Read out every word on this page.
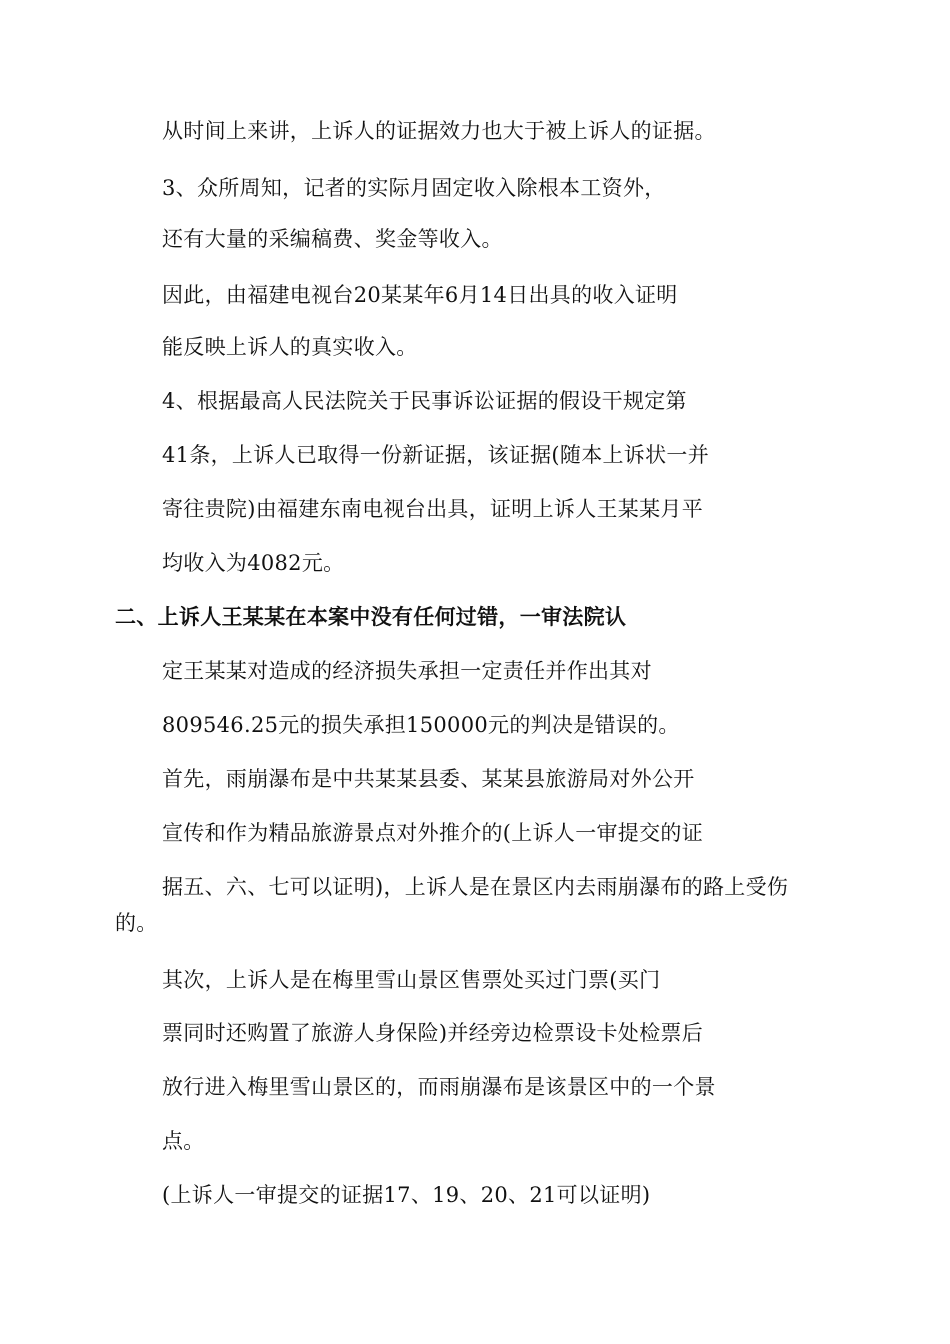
从时间上来讲，上诉人的证据效力也大于被上诉人的证据。

3、众所周知，记者的实际月固定收入除根本工资外，

还有大量的采编稿费、奖金等收入。

因此，由福建电视台20某某年6月14日出具的收入证明

能反映上诉人的真实收入。

4、根据最高人民法院关于民事诉讼证据的假设干规定第

41条，上诉人已取得一份新证据，该证据(随本上诉状一并

寄往贵院)由福建东南电视台出具，证明上诉人王某某月平

均收入为4082元。

二、上诉人王某某在本案中没有任何过错，一审法院认

定王某某对造成的经济损失承担一定责任并作出其对

809546.25元的损失承担150000元的判决是错误的。

首先，雨崩瀑布是中共某某县委、某某县旅游局对外公开

宣传和作为精品旅游景点对外推介的(上诉人一审提交的证

据五、六、七可以证明)，上诉人是在景区内去雨崩瀑布的路上受伤

的。

其次，上诉人是在梅里雪山景区售票处买过门票(买门

票同时还购置了旅游人身保险)并经旁边检票设卡处检票后

放行进入梅里雪山景区的，而雨崩瀑布是该景区中的一个景

点。

(上诉人一审提交的证据17、19、20、21可以证明)
